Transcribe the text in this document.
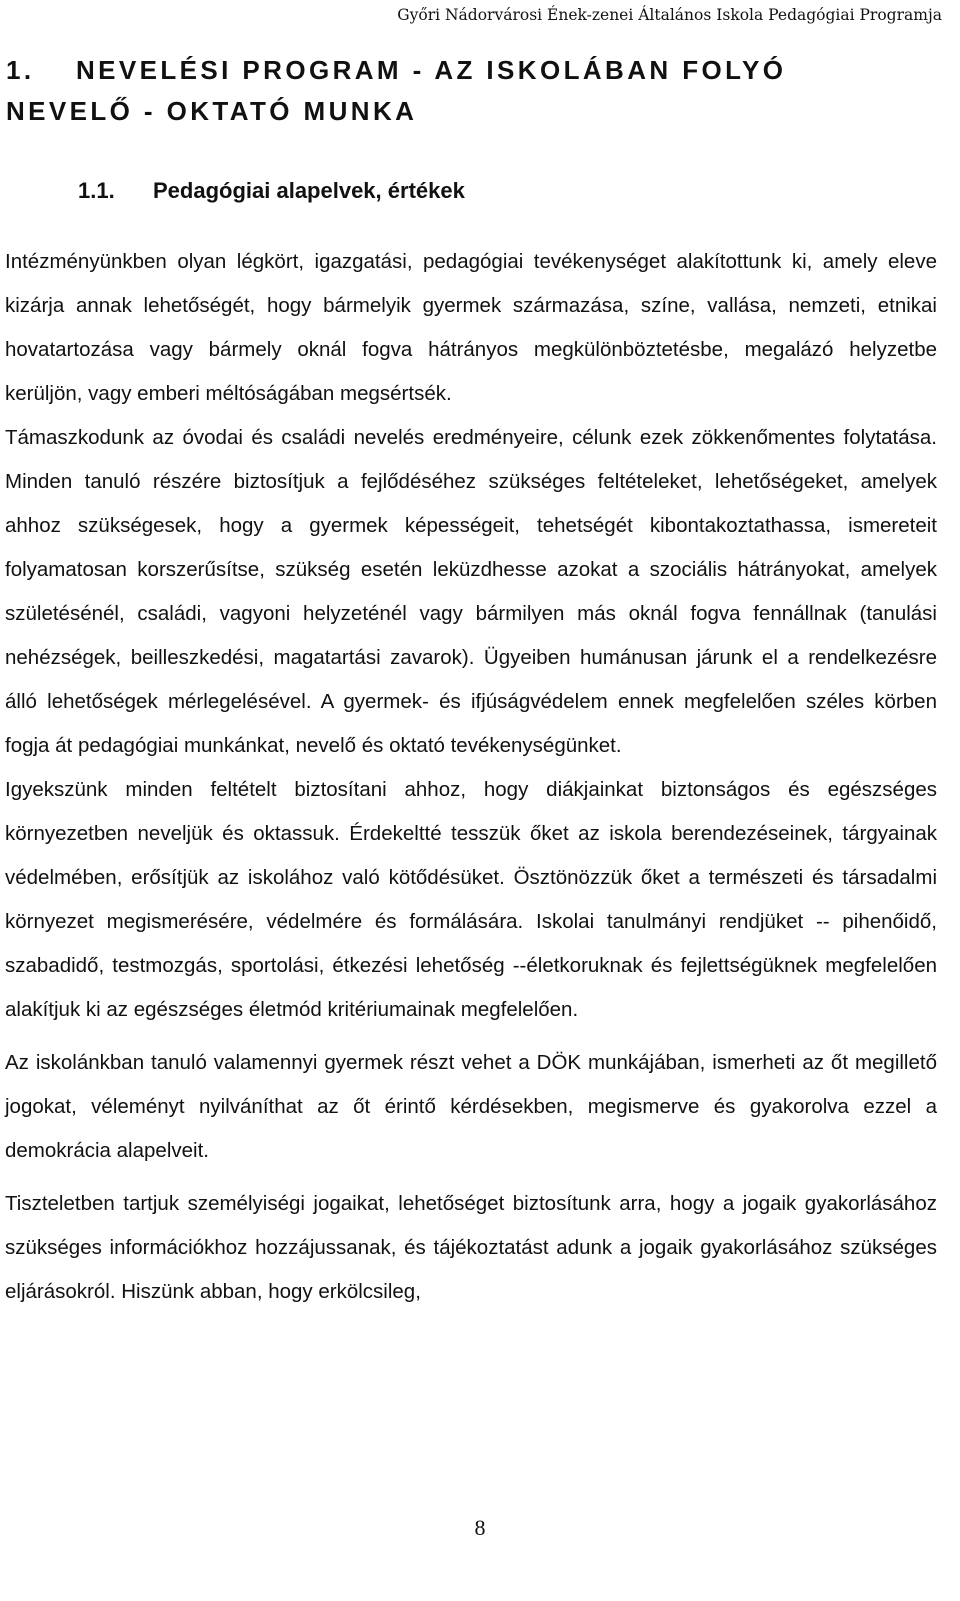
Győri Nádorvárosi Ének-zenei Általános Iskola Pedagógiai Programja
1. NEVELÉSI PROGRAM - AZ ISKOLÁBAN FOLYÓ NEVELŐ - OKTATÓ MUNKA
1.1. Pedagógiai alapelvek, értékek

Intézményünkben olyan légkört, igazgatási, pedagógiai tevékenységet alakítottunk ki, amely eleve kizárja annak lehetőségét, hogy bármelyik gyermek származása, színe, vallása, nemzeti, etnikai hovatartozása vagy bármely oknál fogva hátrányos megkülönböztetésbe, megalázó helyzetbe kerüljön, vagy emberi méltóságában megsértsék.

Támaszkodunk az óvodai és családi nevelés eredményeire, célunk ezek zökkenőmentes folytatása. Minden tanuló részére biztosítjuk a fejlődéséhez szükséges feltételeket, lehetőségeket, amelyek ahhoz szükségesek, hogy a gyermek képességeit, tehetségét kibontakoztathassa, ismereteit folyamatosan korszerűsítse, szükség esetén leküzdhesse azokat a szociális hátrányokat, amelyek születésénél, családi, vagyoni helyzeténél vagy bármilyen más oknál fogva fennállnak (tanulási nehézségek, beilleszkedési, magatartási zavarok). Ügyeiben humánusan járunk el a rendelkezésre álló lehetőségek mérlegelésével. A gyermek- és ifjúságvédelem ennek megfelelően széles körben fogja át pedagógiai munkánkat, nevelő és oktató tevékenységünket.

Igyekszünk minden feltételt biztosítani ahhoz, hogy diákjainkat biztonságos és egészséges környezetben neveljük és oktassuk. Érdekeltté tesszük őket az iskola berendezéseinek, tárgyainak védelmében, erősítjük az iskolához való kötődésüket. Ösztönözzük őket a természeti és társadalmi környezet megismerésére, védelmére és formálására. Iskolai tanulmányi rendjüket -- pihenőidő, szabadidő, testmozgás, sportolási, étkezési lehetőség --életkoruknak és fejlettségüknek megfelelően alakítjuk ki az egészséges életmód kritériumainak megfelelően.

Az iskolánkban tanuló valamennyi gyermek részt vehet a DÖK munkájában, ismerheti az őt megillető jogokat, véleményt nyilváníthat az őt érintő kérdésekben, megismerve és gyakorolva ezzel a demokrácia alapelveit.

Tiszteletben tartjuk személyiségi jogaikat, lehetőséget biztosítunk arra, hogy a jogaik gyakorlásához szükséges információkhoz hozzájussanak, és tájékoztatást adunk a jogaik gyakorlásához szükséges eljárásokról. Hiszünk abban, hogy erkölcsileg,

8
